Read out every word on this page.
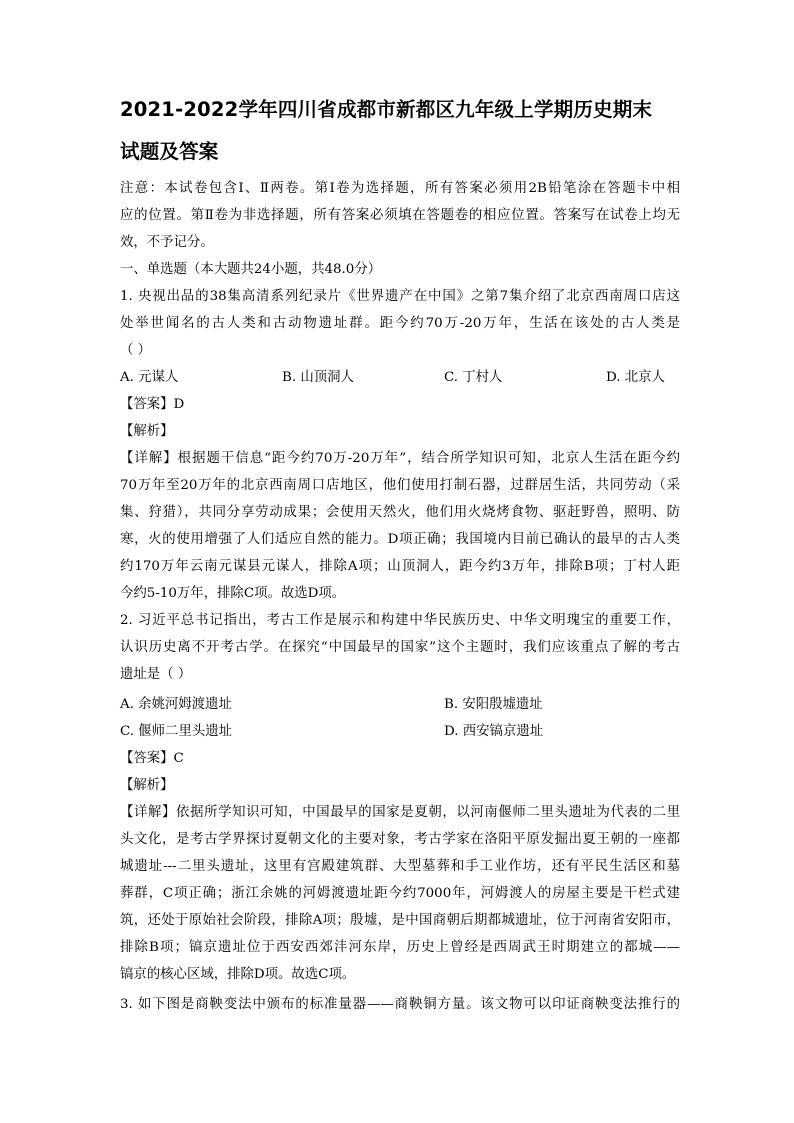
2021-2022学年四川省成都市新都区九年级上学期历史期末
试题及答案
注意：本试卷包含Ⅰ、Ⅱ两卷。第Ⅰ卷为选择题，所有答案必须用2B铅笔涂在答题卡中相
应的位置。第Ⅱ卷为非选择题，所有答案必须填在答题卷的相应位置。答案写在试卷上均无
效，不予记分。
一、单选题（本大题共24小题，共48.0分）
1. 央视出品的38集高清系列纪录片《世界遗产在中国》之第7集介绍了北京西南周口店这
处举世闻名的古人类和古动物遗址群。距今约70万-20万年，生活在该处的古人类是
（ ）
A. 元谋人	B. 山顶洞人	C. 丁村人	D. 北京人
【答案】D
【解析】
【详解】根据题干信息“距今约70万-20万年”，结合所学知识可知，北京人生活在距今约
70万年至20万年的北京西南周口店地区，他们使用打制石器，过群居生活，共同劳动（采
集、狩猎），共同分享劳动成果；会使用天然火，他们用火烧烤食物、驱赶野兽，照明、防
寒，火的使用增强了人们适应自然的能力。D项正确；我国境内目前已确认的最早的古人类
约170万年云南元谋县元谋人，排除A项；山顶洞人，距今约3万年，排除B项；丁村人距
今约5-10万年，排除C项。故选D项。
2. 习近平总书记指出，考古工作是展示和构建中华民族历史、中华文明瑰宝的重要工作，
认识历史离不开考古学。在探究“中国最早的国家”这个主题时，我们应该重点了解的考古
遗址是（ ）
A. 余姚河姆渡遗址	B. 安阳殷墟遗址
C. 偃师二里头遗址	D. 西安镐京遗址
【答案】C
【解析】
【详解】依据所学知识可知，中国最早的国家是夏朝，以河南偃师二里头遗址为代表的二里
头文化，是考古学界探讨夏朝文化的主要对象，考古学家在洛阳平原发掘出夏王朝的一座都
城遗址---二里头遗址，这里有宫殿建筑群、大型墓葬和手工业作坊，还有平民生活区和墓
葬群，C项正确；浙江余姚的河姆渡遗址距今约7000年，河姆渡人的房屋主要是干栏式建
筑，还处于原始社会阶段，排除A项；殷墟，是中国商朝后期都城遗址，位于河南省安阳市，
排除B项；镐京遗址位于西安西郊沣河东岸，历史上曾经是西周武王时期建立的都城——
镐京的核心区域，排除D项。故选C项。
3. 如下图是商鞅变法中颁布的标准量器——商鞅铜方量。该文物可以印证商鞅变法推行的
